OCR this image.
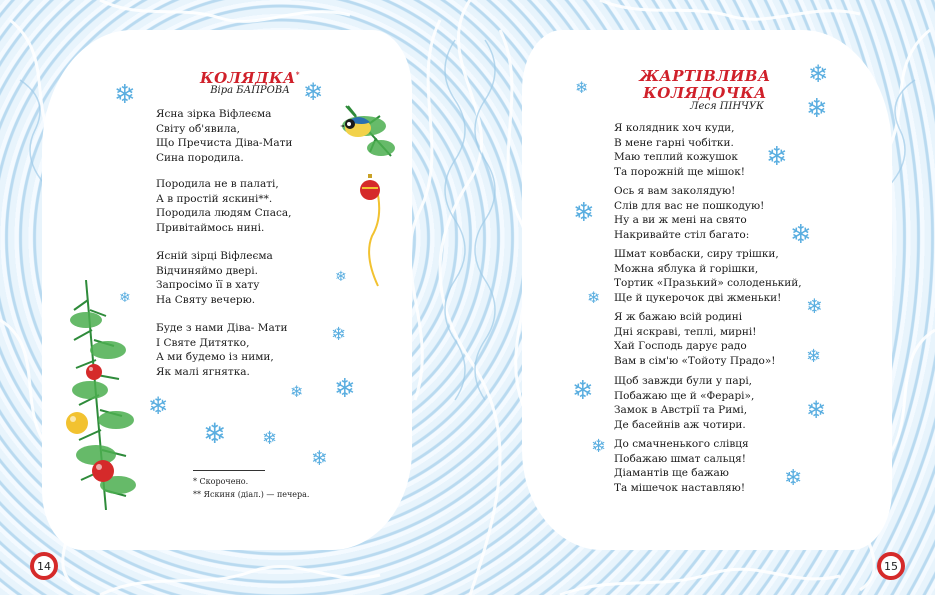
КОЛЯДКА*
Віра БАПРОВА
Ясна зірка Віфлеєма
Світу об'явила,
Що Пречиста Діва-Мати
Сина породила.
Породила не в палаті,
А в простій яскині**.
Породила людям Спаса,
Привітаймось нині.
Ясній зірці Віфлеєма
Відчиняймо двері.
Запросімо її в хату
На Святу вечерю.
Буде з нами Діва- Мати
І Святе Дитятко,
А ми будемо із ними,
Як малі ягнятка.
* Скорочено.
** Яскиня (діал.) — печера.
ЖАРТІВЛИВА
КОЛЯДОЧКА
Леся ПІНЧУК
Я колядник хоч куди,
В мене гарні чобітки.
Маю теплий кожушок
Та порожній ще мішок!
Ось я вам заколядую!
Слів для вас не пошкодую!
Ну а ви ж мені на свято
Накривайте стіл багато:
Шмат ковбаски, сиру трішки,
Можна яблука й горішки,
Тортик «Празький» солоденький,
Ще й цукерочок дві жменьки!
Я ж бажаю всій родині
Дні яскраві, теплі, мирні!
Хай Господь дарує радо
Вам в сім'ю «Тойоту Прадо»!
Щоб завжди були у парі,
Побажаю ще й «Ферарі»,
Замок в Австрії та Римі,
Де басейнів аж чотири.
До смачненького слівця
Побажаю шмат сальця!
Діамантів ще бажаю
Та мішечок наставляю!
❄	❄
❄
❄
❄
❄
❄
❄
❄ ❄
❄
❄
❄
❄
❄
❄
❄
❄	❄
❄
❄
❄
❄
❄
14	15
